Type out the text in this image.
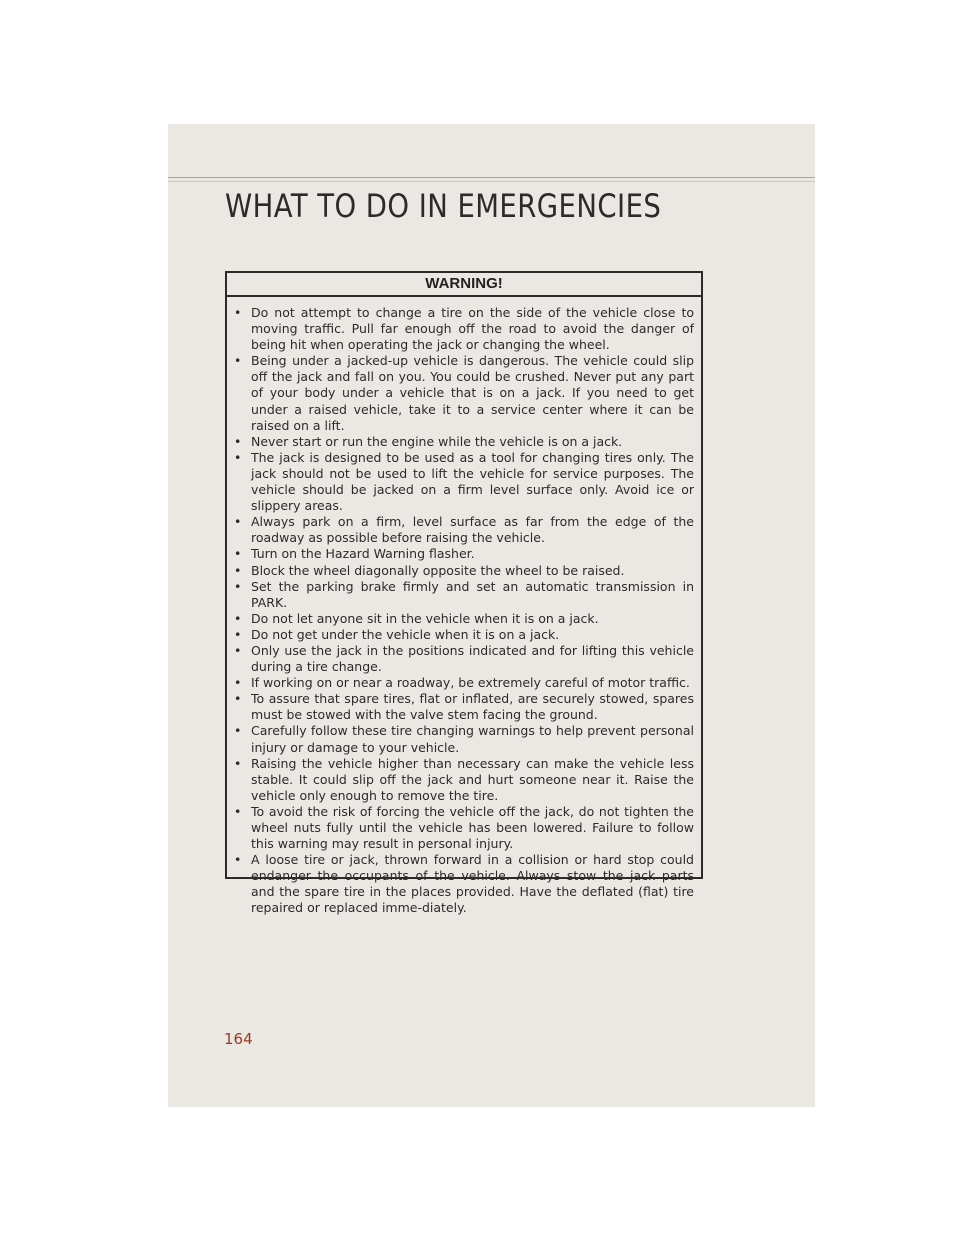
WHAT TO DO IN EMERGENCIES
WARNING!
• Do not attempt to change a tire on the side of the vehicle close to moving traffic. Pull far enough off the road to avoid the danger of being hit when operating the jack or changing the wheel.
• Being under a jacked-up vehicle is dangerous. The vehicle could slip off the jack and fall on you. You could be crushed. Never put any part of your body under a vehicle that is on a jack. If you need to get under a raised vehicle, take it to a service center where it can be raised on a lift.
• Never start or run the engine while the vehicle is on a jack.
• The jack is designed to be used as a tool for changing tires only. The jack should not be used to lift the vehicle for service purposes. The vehicle should be jacked on a firm level surface only. Avoid ice or slippery areas.
• Always park on a firm, level surface as far from the edge of the roadway as possible before raising the vehicle.
• Turn on the Hazard Warning flasher.
• Block the wheel diagonally opposite the wheel to be raised.
• Set the parking brake firmly and set an automatic transmission in PARK.
• Do not let anyone sit in the vehicle when it is on a jack.
• Do not get under the vehicle when it is on a jack.
• Only use the jack in the positions indicated and for lifting this vehicle during a tire change.
• If working on or near a roadway, be extremely careful of motor traffic.
• To assure that spare tires, flat or inflated, are securely stowed, spares must be stowed with the valve stem facing the ground.
• Carefully follow these tire changing warnings to help prevent personal injury or damage to your vehicle.
• Raising the vehicle higher than necessary can make the vehicle less stable. It could slip off the jack and hurt someone near it. Raise the vehicle only enough to remove the tire.
• To avoid the risk of forcing the vehicle off the jack, do not tighten the wheel nuts fully until the vehicle has been lowered. Failure to follow this warning may result in personal injury.
• A loose tire or jack, thrown forward in a collision or hard stop could endanger the occupants of the vehicle. Always stow the jack parts and the spare tire in the places provided. Have the deflated (flat) tire repaired or replaced imme-diately.
164
